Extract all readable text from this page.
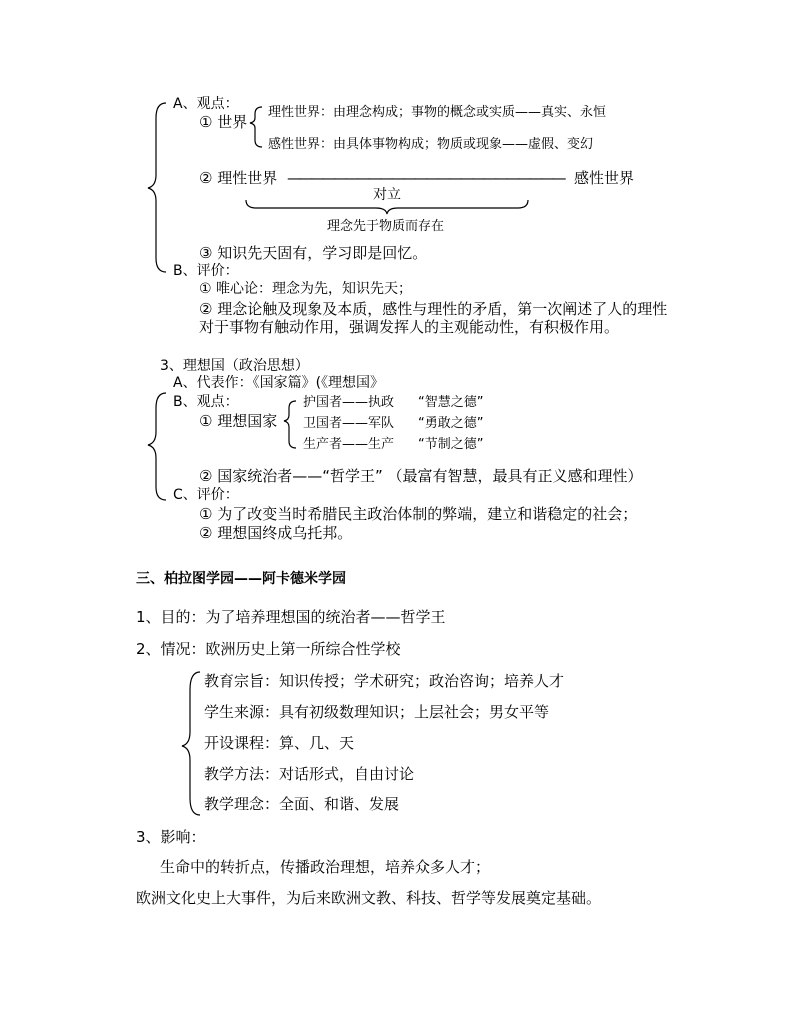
A、观点：
① 世界
理性世界：由理念构成；事物的概念或实质——真实、永恒
感性世界：由具体事物构成；物质或现象——虚假、变幻
② 理性世界 ———————————————————————— 感性世界
对立
理念先于物质而存在
③ 知识先天固有，学习即是回忆。
B、评价：
① 唯心论：理念为先，知识先天；
② 理念论触及现象及本质，感性与理性的矛盾，第一次阐述了人的理性
对于事物有触动作用，强调发挥人的主观能动性，有积极作用。
3、理想国（政治思想）
A、代表作：《国家篇》(《理想国》
B、观点：
① 理想国家
护国者——执政 “智慧之德”
卫国者——军队 “勇敢之德”
生产者——生产 “节制之德”
② 国家统治者——“哲学王” （最富有智慧，最具有正义感和理性）
C、评价：
① 为了改变当时希腊民主政治体制的弊端，建立和谐稳定的社会；
② 理想国终成乌托邦。
三、柏拉图学园——阿卡德米学园
1、目的：为了培养理想国的统治者——哲学王
2、情况：欧洲历史上第一所综合性学校
教育宗旨：知识传授；学术研究；政治咨询；培养人才
学生来源：具有初级数理知识；上层社会；男女平等
开设课程：算、几、天
教学方法：对话形式，自由讨论
教学理念：全面、和谐、发展
3、影响：
生命中的转折点，传播政治理想，培养众多人才；
欧洲文化史上大事件，为后来欧洲文教、科技、哲学等发展奠定基础。
